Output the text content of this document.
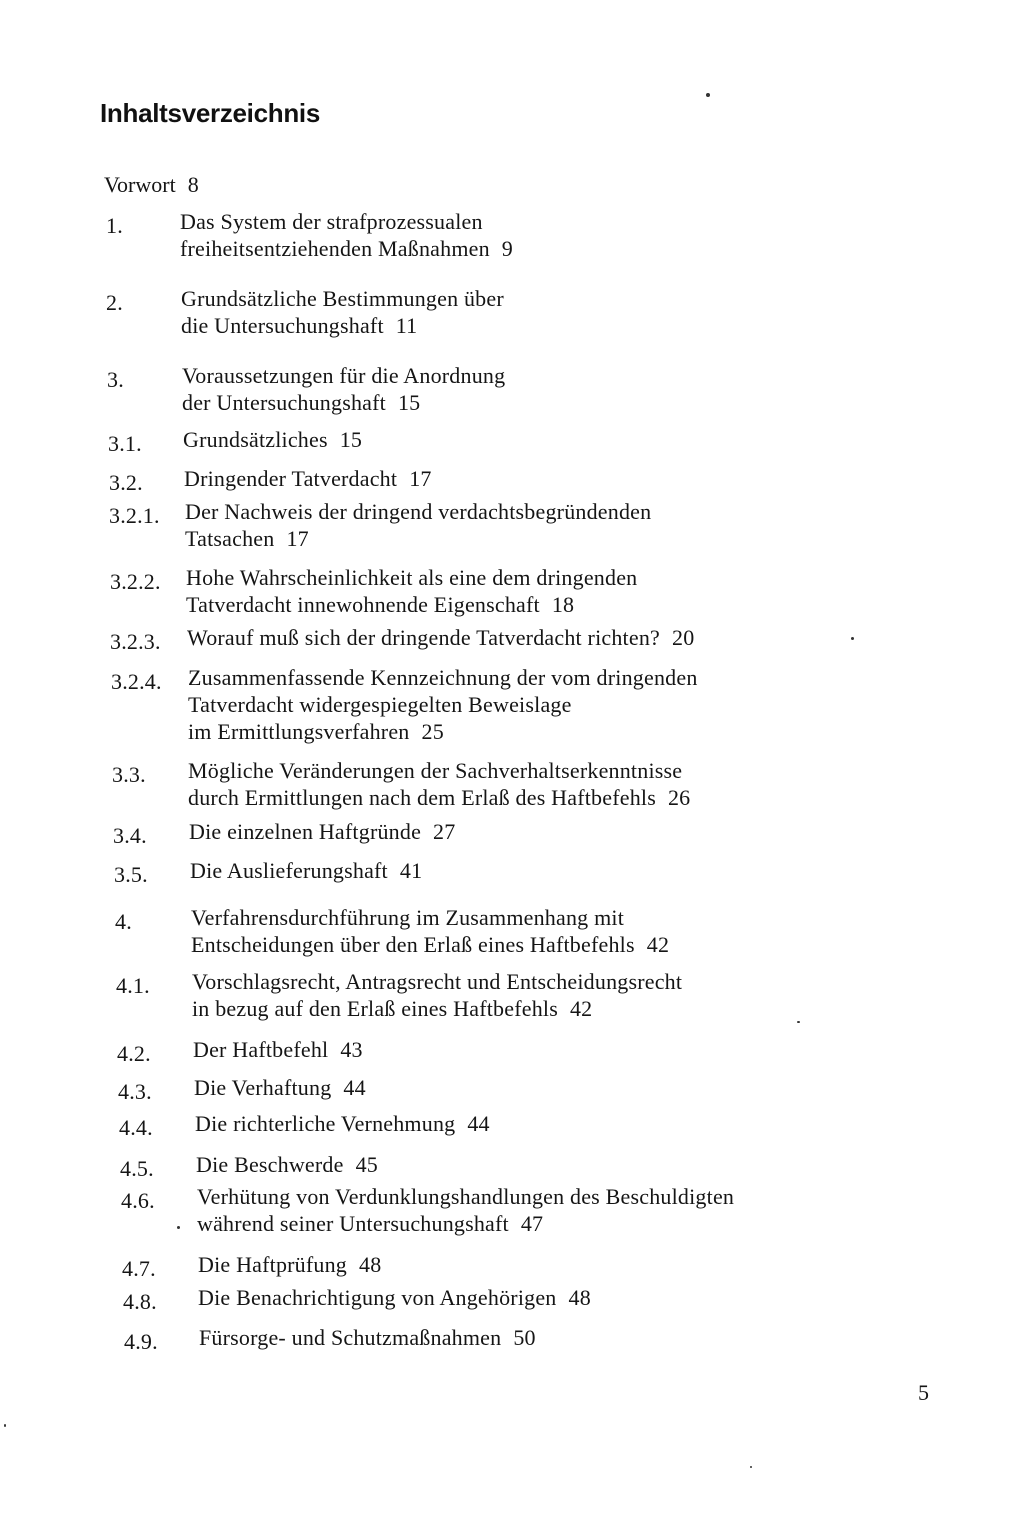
Inhaltsverzeichnis
Vorwort 8
1.	Das System der strafprozessualen
freiheitsentziehenden Maßnahmen 9
2.	Grundsätzliche Bestimmungen über
die Untersuchungshaft 11
3.	Voraussetzungen für die Anordnung
der Untersuchungshaft 15
3.1. Grundsätzliches 15
3.2. Dringender Tatverdacht 17
3.2.1. Der Nachweis der dringend verdachtsbegründenden
Tatsachen 17
3.2.2. Hohe Wahrscheinlichkeit als eine dem dringenden
Tatverdacht innewohnende Eigenschaft 18
3.2.3. Worauf muß sich der dringende Tatverdacht richten? 20
3.2.4. Zusammenfassende Kennzeichnung der vom dringenden
Tatverdacht widergespiegelten Beweislage
im Ermittlungsverfahren 25
3.3. Mögliche Veränderungen der Sachverhaltserkenntnisse
durch Ermittlungen nach dem Erlaß des Haftbefehls 26
3.4. Die einzelnen Haftgründe 27
3.5. Die Auslieferungshaft 41
4.	Verfahrensdurchführung im Zusammenhang mit
Entscheidungen über den Erlaß eines Haftbefehls 42
4.1. Vorschlagsrecht, Antragsrecht und Entscheidungsrecht
in bezug auf den Erlaß eines Haftbefehls 42
4.2. Der Haftbefehl 43
4.3. Die Verhaftung 44
4.4. Die richterliche Vernehmung 44
4.5. Die Beschwerde 45
4.6. Verhütung von Verdunklungshandlungen des Beschuldigten
während seiner Untersuchungshaft 47
4.7. Die Haftprüfung 48
4.8. Die Benachrichtigung von Angehörigen 48
4.9. Fürsorge- und Schutzmaßnahmen 50
5
